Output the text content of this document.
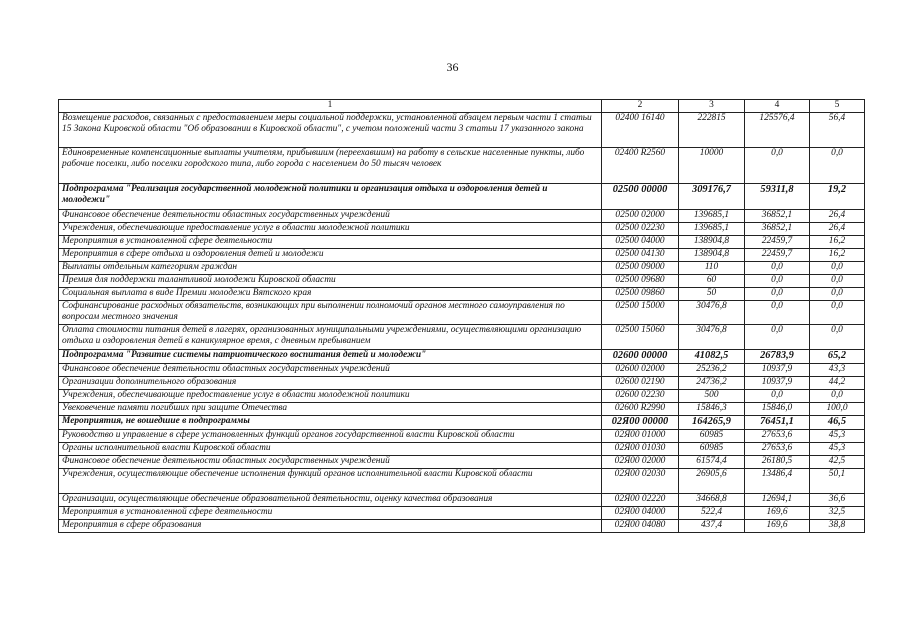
36
1	2	3	4	5
Возмещение расходов, связанных с предоставлением меры социальной поддержки, установленной абзацем первым части 1 статьи 15 Закона Кировской области "Об образовании в Кировской области", с учетом положений части 3 статьи 17 указанного закона	02400 16140	222815	125576,4	56,4
Единовременные компенсационные выплаты учителям, прибывшим (переехавшим) на работу в сельские населенные пункты, либо рабочие поселки, либо поселки городского типа, либо города с населением до 50 тысяч человек	02400 R2560	10000	0,0	0,0
Подпрограмма "Реализация государственной молодежной политики и организация отдыха и оздоровления детей и молодежи"	02500 00000	309176,7	59311,8	19,2
Финансовое обеспечение деятельности областных государственных учреждений	02500 02000	139685,1	36852,1	26,4
Учреждения, обеспечивающие предоставление услуг в области молодежной политики	02500 02230	139685,1	36852,1	26,4
Мероприятия в установленной сфере деятельности	02500 04000	138904,8	22459,7	16,2
Мероприятия в сфере отдыха и оздоровления детей и молодежи	02500 04130	138904,8	22459,7	16,2
Выплаты отдельным категориям граждан	02500 09000	110	0,0	0,0
Премия для поддержки талантливой молодежи Кировской области	02500 09680	60	0,0	0,0
Социальная выплата в виде Премии молодежи Вятского края	02500 09860	50	0,0	0,0
Софинансирование расходных обязательств, возникающих при выполнении полномочий органов местного самоуправления по вопросам местного значения	02500 15000	30476,8	0,0	0,0
Оплата стоимости питания детей в лагерях, организованных муниципальными учреждениями, осуществляющими организацию отдыха и оздоровления детей в каникулярное время, с дневным пребыванием	02500 15060	30476,8	0,0	0,0
Подпрограмма "Развитие системы патриотического воспитания детей и молодежи"	02600 00000	41082,5	26783,9	65,2
Финансовое обеспечение деятельности областных государственных учреждений	02600 02000	25236,2	10937,9	43,3
Организации дополнительного образования	02600 02190	24736,2	10937,9	44,2
Учреждения, обеспечивающие предоставление услуг в области молодежной политики	02600 02230	500	0,0	0,0
Увековечение памяти погибших при защите Отечества	02600 R2990	15846,3	15846,0	100,0
Мероприятия, не вошедшие в подпрограммы	02Я00 00000	164265,9	76451,1	46,5
Руководство и управление в сфере установленных функций органов государственной власти Кировской области	02Я00 01000	60985	27653,6	45,3
Органы исполнительной власти Кировской области	02Я00 01030	60985	27653,6	45,3
Финансовое обеспечение деятельности областных государственных учреждений	02Я00 02000	61574,4	26180,5	42,5
Учреждения, осуществляющие обеспечение исполнения функций органов исполнительной власти Кировской области	02Я00 02030	26905,6	13486,4	50,1
Организации, осуществляющие обеспечение образовательной деятельности, оценку качества образования	02Я00 02220	34668,8	12694,1	36,6
Мероприятия в установленной сфере деятельности	02Я00 04000	522,4	169,6	32,5
Мероприятия в сфере образования	02Я00 04080	437,4	169,6	38,8
